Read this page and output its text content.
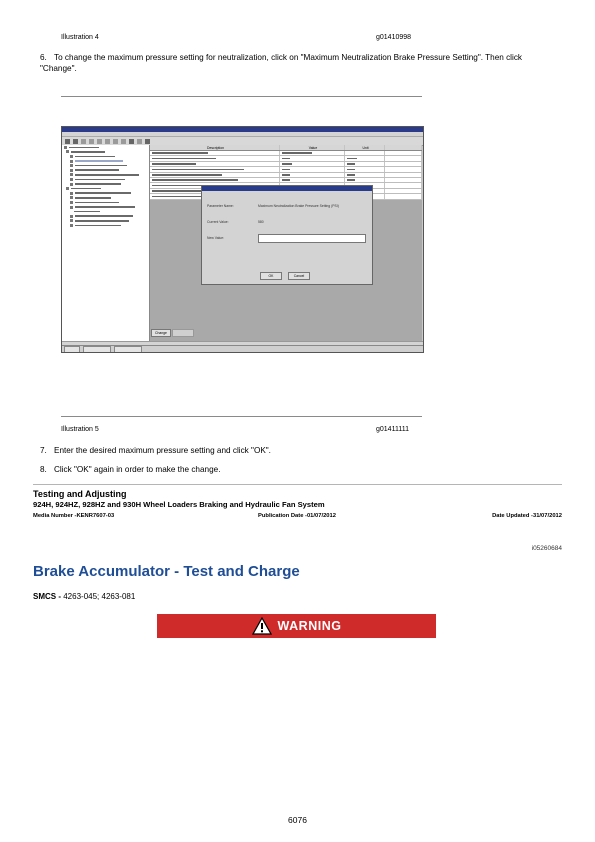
Illustration 4	g01410998
6. To change the maximum pressure setting for neutralization, click on "Maximum Neutralization Brake Pressure Setting". Then click "Change".
Description	Value	Unit
Parameter Name:	Maximum Neutralization Brake Pressure Setting (PSI)
Current Value:	580
New Value:
OK	Cancel
Change
Illustration 5	g01411111
7. Enter the desired maximum pressure setting and click "OK".
8. Click "OK" again in order to make the change.
Testing and Adjusting
924H, 924HZ, 928HZ and 930H Wheel Loaders Braking and Hydraulic Fan System
Media Number -KENR7607-03	Publication Date -01/07/2012	Date Updated -31/07/2012
i05260684
Brake Accumulator - Test and Charge
SMCS - 4263-045; 4263-081
WARNING
6076
